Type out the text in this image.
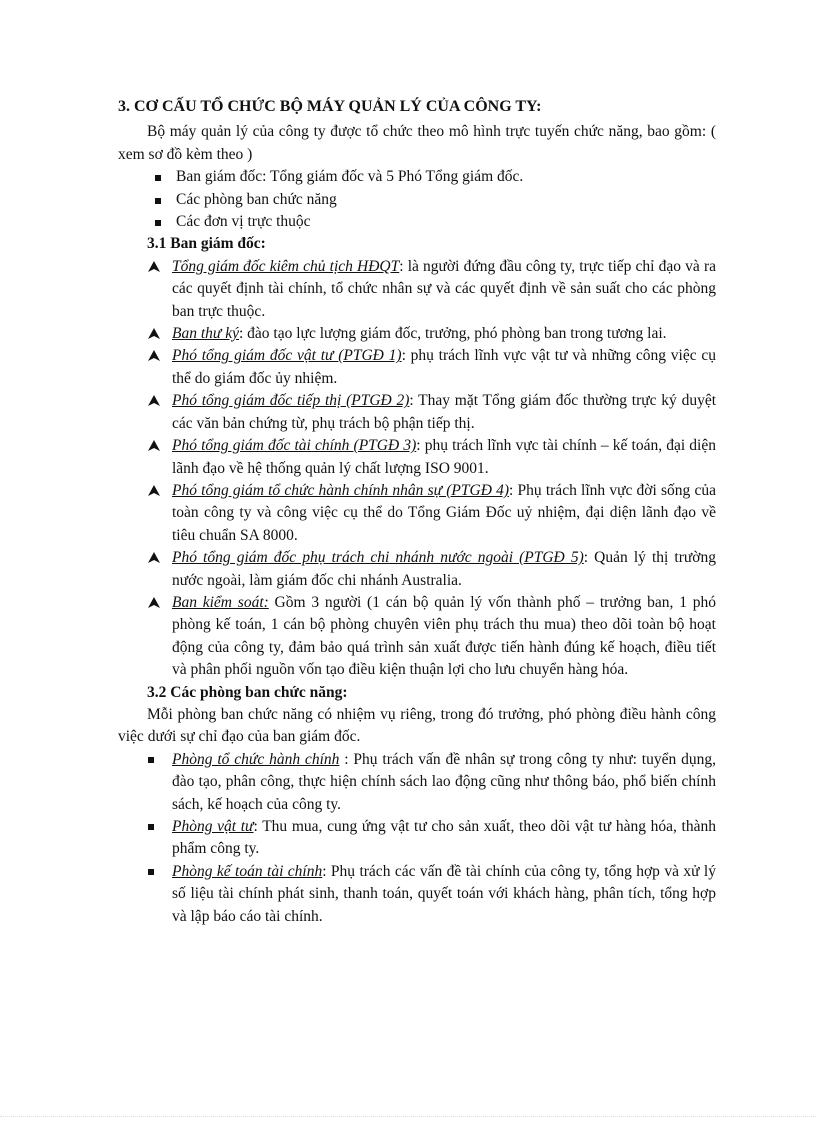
3. CƠ CẤU TỔ CHỨC BỘ MÁY QUẢN LÝ CỦA CÔNG TY:

Bộ máy quản lý của công ty được tổ chức theo mô hình trực tuyến chức năng, bao gồm: ( xem sơ đồ kèm theo )

Ban giám đốc: Tổng giám đốc và 5 Phó Tổng giám đốc.
Các phòng ban chức năng
Các đơn vị trực thuộc
3.1 Ban giám đốc:
Tổng giám đốc kiêm chủ tịch HĐQT: là người đứng đầu công ty, trực tiếp chỉ đạo và ra các quyết định tài chính, tổ chức nhân sự và các quyết định về sản suất cho các phòng ban trực thuộc.
Ban thư ký: đào tạo lực lượng giám đốc, trưởng, phó phòng ban trong tương lai.
Phó tổng giám đốc vật tư (PTGĐ 1): phụ trách lĩnh vực vật tư và những công việc cụ thể do giám đốc ủy nhiệm.
Phó tổng giám đốc tiếp thị (PTGĐ 2): Thay mặt Tổng giám đốc thường trực ký duyệt các văn bản chứng từ, phụ trách bộ phận tiếp thị.
Phó tổng giám đốc tài chính (PTGĐ 3): phụ trách lĩnh vực tài chính – kế toán, đại diện lãnh đạo về hệ thống quản lý chất lượng ISO 9001.
Phó tổng giám tổ chức hành chính nhân sự (PTGĐ 4): Phụ trách lĩnh vực đời sống của toàn công ty và công việc cụ thể do Tổng Giám Đốc uỷ nhiệm, đại diện lãnh đạo về tiêu chuẩn SA 8000.
Phó tổng giám đốc phụ trách chi nhánh nước ngoài (PTGĐ 5): Quản lý thị trường nước ngoài, làm giám đốc chi nhánh Australia.
Ban kiểm soát: Gồm 3 người (1 cán bộ quản lý vốn thành phố – trưởng ban, 1 phó phòng kế toán, 1 cán bộ phòng chuyên viên phụ trách thu mua) theo dõi toàn bộ hoạt động của công ty, đảm bảo quá trình sản xuất được tiến hành đúng kế hoạch, điều tiết và phân phối nguồn vốn tạo điều kiện thuận lợi cho lưu chuyển hàng hóa.
3.2 Các phòng ban chức năng:

Mỗi phòng ban chức năng có nhiệm vụ riêng, trong đó trưởng, phó phòng điều hành công việc dưới sự chỉ đạo của ban giám đốc.

Phòng tổ chức hành chính : Phụ trách vấn đề nhân sự trong công ty như: tuyển dụng, đào tạo, phân công, thực hiện chính sách lao động cũng như thông báo, phổ biến chính sách, kế hoạch của công ty.
Phòng vật tư: Thu mua, cung ứng vật tư cho sản xuất, theo dõi vật tư hàng hóa, thành phẩm công ty.
Phòng kế toán tài chính: Phụ trách các vấn đề tài chính của công ty, tổng hợp và xử lý số liệu tài chính phát sinh, thanh toán, quyết toán với khách hàng, phân tích, tổng hợp và lập báo cáo tài chính.
